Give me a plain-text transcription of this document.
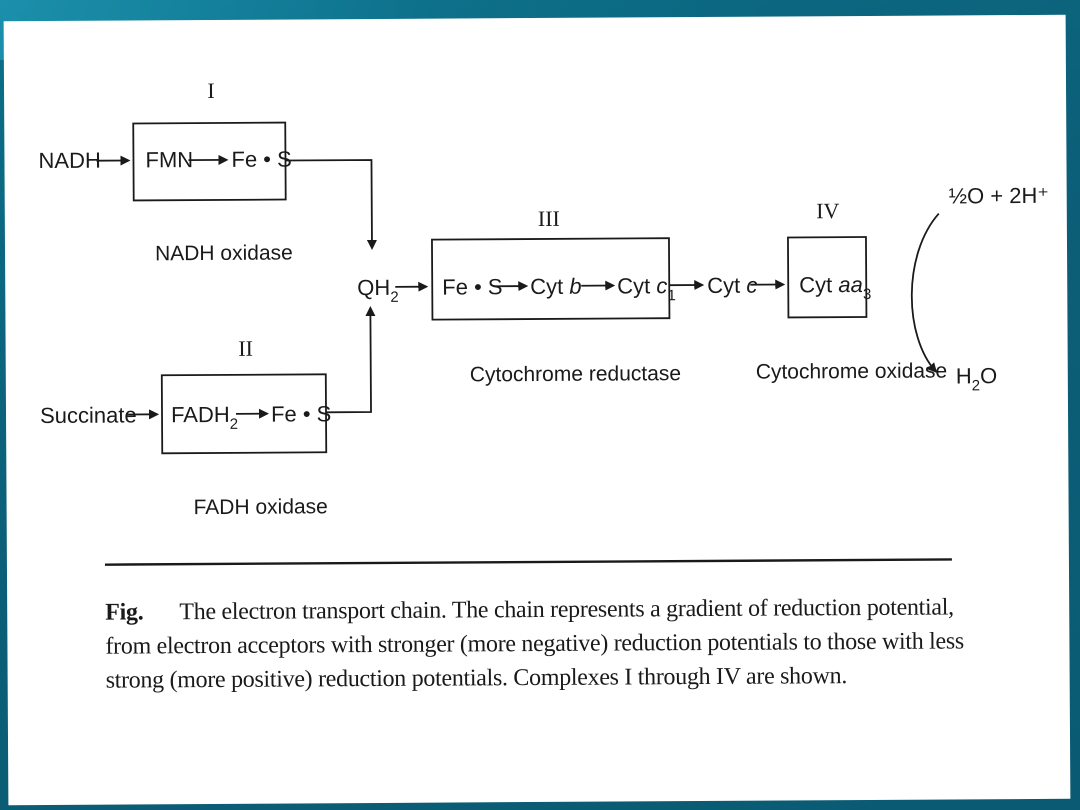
I
NADH FMN Fe • S
NADH oxidase
$QH_2$
II
Succinate $FADH_2$ Fe • S
FADH oxidase
III
Fe • S Cyt b Cyt $c_1$
Cytochrome reductase
Cyt c
IV
Cyt $aa_3$
Cytochrome oxidase
½O + 2H⁺
$H_2O$
Fig. The electron transport chain. The chain represents a gradient of reduction potential, from electron acceptors with stronger (more negative) reduction potentials to those with less strong (more positive) reduction potentials. Complexes I through IV are shown.
